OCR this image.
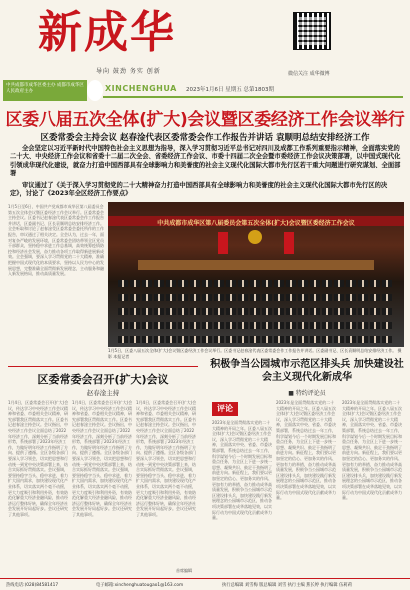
新成华
导向 鼓劲 务实 创新	微信关注 成华微博
中共成都市成华区委主办 成都市成华区人民政府主办	XINCHENGHUA 2023年1月6日 星期五 总第1803期
区委八届五次全体(扩大)会议暨区委经济工作会议举行
区委常委会主持会议 赵春淦代表区委常委会作工作报告并讲话 袁顺明总结安排经济工作
全会坚定以习近平新时代中国特色社会主义思想为指导，深入学习贯彻习近平总书记对四川及成都工作系列重要指示精神，全面落实党的二十大、中央经济工作会议和省委十二届二次全会、省委经济工作会议、市委十四届二次全会暨市委经济工作会议决策部署，以中国式现代化引领成华现代化建设，就奋力打造中国西部具有全球影响力和美誉度的社会主义现代化国际大都市先行区若干重大问题进行研究谋划、全面部署
审议通过了《关于深入学习贯彻党的二十大精神奋力打造中国西部具有全球影响力和美誉度的社会主义现代化国际大都市先行区的决定》，讨论了《2023年全区经济工作要点》
1月5日至6日，中国共产党成都市成华区第八届委员会第五次全体会议暨区委经济工作会议举行。区委常委会主持会议。区委书记赵春淦代表区委常委会作工作报告并讲话，区委副书记、区长袁顺明总结安排经济工作。全会听取和讨论了赵春淦受区委常委会委托所作的工作报告，审议通过了相关决定。全会认为，过去一年，面对复杂严峻的发展环境，区委常委会团结带领全区党员干部群众，坚持稳中求进工作总基调，高效统筹疫情防控和经济社会发展，奋力推动各项工作取得新进展新成效。全会强调，要深入学习贯彻党的二十大精神，准确把握中国式现代化的本质要求，坚持以人民为中心的发展思想，完整准确全面贯彻新发展理念，主动服务和融入新发展格局，推动高质量发展。
中共成都市成华区第八届委员会第五次全体(扩大)会议暨区委经济工作会议
1月5日，区委八届五次全体(扩大)会议暨区委经济工作会议举行。区委书记赵春淦代表区委常委会作工作报告并讲话。区委副书记、区长袁顺明总结安排经济工作。 摄影 本报记者
区委常委会召开(扩大)会议
赵春淦主持
1月4日，区委常委会召开(扩大)会议，传达学习中央经济工作会议精神和省委、市委相关会议精神，研究部署我区贯彻落实工作。区委书记赵春淦主持会议。会议指出，中央经济工作会议全面总结了2022年经济工作，深刻分析了当前经济形势，系统部署了2023年经济工作，为做好明年经济工作指明了方向、提供了遵循。全区各级各部门要深入学习领会，切实把思想和行动统一到党中央决策部署上来，结合实际抓好贯彻落实。会议强调，要坚持稳字当头、稳中求进，着力扩大国内需求，加快建设现代化产业体系，切实落实两个毫不动摇，更大力度吸引和利用外资，有效防范化解重大经济金融风险，推动经济运行整体好转，确保全年经济社会发展开好局起好步。会议还研究了其他事项。
1月4日，区委常委会召开(扩大)会议，传达学习中央经济工作会议精神和省委、市委相关会议精神，研究部署我区贯彻落实工作。区委书记赵春淦主持会议。会议指出，中央经济工作会议全面总结了2022年经济工作，深刻分析了当前经济形势，系统部署了2023年经济工作，为做好明年经济工作指明了方向、提供了遵循。全区各级各部门要深入学习领会，切实把思想和行动统一到党中央决策部署上来，结合实际抓好贯彻落实。会议强调，要坚持稳字当头、稳中求进，着力扩大国内需求，加快建设现代化产业体系，切实落实两个毫不动摇，更大力度吸引和利用外资，有效防范化解重大经济金融风险，推动经济运行整体好转，确保全年经济社会发展开好局起好步。会议还研究了其他事项。
1月4日，区委常委会召开(扩大)会议，传达学习中央经济工作会议精神和省委、市委相关会议精神，研究部署我区贯彻落实工作。区委书记赵春淦主持会议。会议指出，中央经济工作会议全面总结了2022年经济工作，深刻分析了当前经济形势，系统部署了2023年经济工作，为做好明年经济工作指明了方向、提供了遵循。全区各级各部门要深入学习领会，切实把思想和行动统一到党中央决策部署上来，结合实际抓好贯彻落实。会议强调，要坚持稳字当头、稳中求进，着力扩大国内需求，加快建设现代化产业体系，切实落实两个毫不动摇，更大力度吸引和利用外资，有效防范化解重大经济金融风险，推动经济运行整体好转，确保全年经济社会发展开好局起好步。会议还研究了其他事项。
首席编辑
积极争当公园城市示范区排头兵 加快建设社会主义现代化新成华
■ 特约评论员
评论
2023年是全面贯彻落实党的二十大精神的开局之年。区委八届五次全体(扩大)会议暨区委经济工作会议，深入学习贯彻党的二十大精神，全面落实中央、省委、市委决策部署，系统总结过去一年工作，科学谋划今后一个时期发展目标和重点任务，为全区上下进一步统一思想、凝聚共识、鼓足干劲指明了前进方向。新征程上，我们要以更加坚定的信心、更加务实的作风、更加有力的举措，奋力推动成华高质量发展，积极争当公园城市示范区建设排头兵，加快建设践行新发展理念的公园城市示范区，推动各项决策部署在成华落地见效，以实际行动为中国式现代化贡献成华力量。
2023年是全面贯彻落实党的二十大精神的开局之年。区委八届五次全体(扩大)会议暨区委经济工作会议，深入学习贯彻党的二十大精神，全面落实中央、省委、市委决策部署，系统总结过去一年工作，科学谋划今后一个时期发展目标和重点任务，为全区上下进一步统一思想、凝聚共识、鼓足干劲指明了前进方向。新征程上，我们要以更加坚定的信心、更加务实的作风、更加有力的举措，奋力推动成华高质量发展，积极争当公园城市示范区建设排头兵，加快建设践行新发展理念的公园城市示范区，推动各项决策部署在成华落地见效，以实际行动为中国式现代化贡献成华力量。
2023年是全面贯彻落实党的二十大精神的开局之年。区委八届五次全体(扩大)会议暨区委经济工作会议，深入学习贯彻党的二十大精神，全面落实中央、省委、市委决策部署，系统总结过去一年工作，科学谋划今后一个时期发展目标和重点任务，为全区上下进一步统一思想、凝聚共识、鼓足干劲指明了前进方向。新征程上，我们要以更加坚定的信心、更加务实的作风、更加有力的举措，奋力推动成华高质量发展，积极争当公园城市示范区建设排头兵，加快建设践行新发展理念的公园城市示范区，推动各项决策部署在成华落地见效，以实际行动为中国式现代化贡献成华力量。
热线电话:(028)84581417	电子邮箱:xinchenghuatougao1@163.com	执行总编辑 刘雪梅 版总编辑 刘雪 执行主编 蕉长婷 执行编辑 伍莉莉
